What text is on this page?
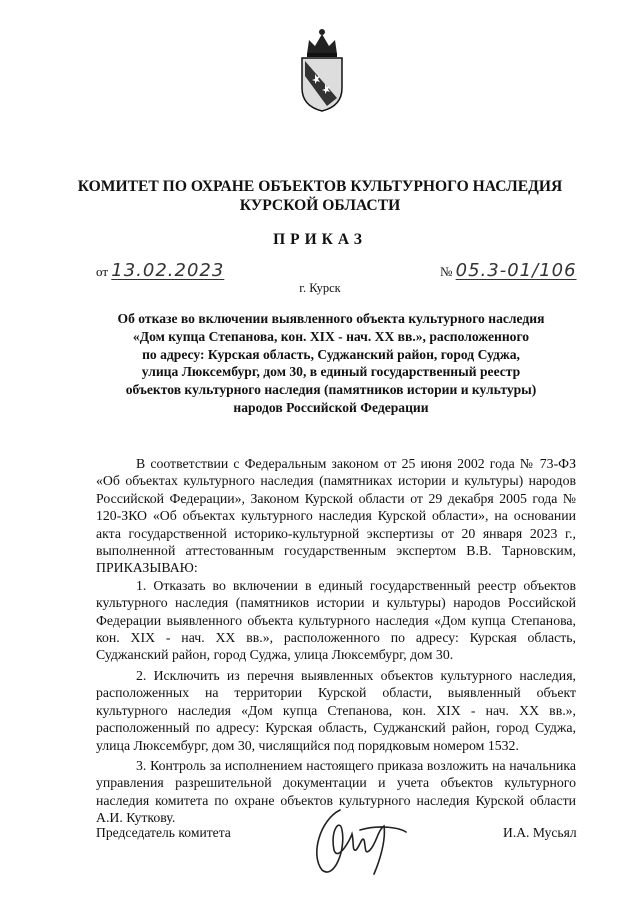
КОМИТЕТ ПО ОХРАНЕ ОБЪЕКТОВ КУЛЬТУРНОГО НАСЛЕДИЯ
КУРСКОЙ ОБЛАСТИ
ПРИКАЗ
от 13.02.2023	№ 05.3-01/106
г. Курск
Об отказе во включении выявленного объекта культурного наследия
«Дом купца Степанова, кон. XIX - нач. XX вв.», расположенного
по адресу: Курская область, Суджанский район, город Суджа,
улица Люксембург, дом 30, в единый государственный реестр
объектов культурного наследия (памятников истории и культуры)
народов Российской Федерации

В соответствии с Федеральным законом от 25 июня 2002 года № 73-ФЗ «Об объектах культурного наследия (памятниках истории и культуры) народов Российской Федерации», Законом Курской области от 29 декабря 2005 года № 120-ЗКО «Об объектах культурного наследия Курской области», на основании акта государственной историко-культурной экспертизы от 20 января 2023 г., выполненной аттестованным государственным экспертом В.В. Тарновским, ПРИКАЗЫВАЮ:

1. Отказать во включении в единый государственный реестр объектов культурного наследия (памятников истории и культуры) народов Российской Федерации выявленного объекта культурного наследия «Дом купца Степанова, кон. XIX - нач. XX вв.», расположенного по адресу: Курская область, Суджанский район, город Суджа, улица Люксембург, дом 30.

2. Исключить из перечня выявленных объектов культурного наследия, расположенных на территории Курской области, выявленный объект культурного наследия «Дом купца Степанова, кон. XIX - нач. XX вв.», расположенный по адресу: Курская область, Суджанский район, город Суджа, улица Люксембург, дом 30, числящийся под порядковым номером 1532.

3. Контроль за исполнением настоящего приказа возложить на начальника управления разрешительной документации и учета объектов культурного наследия комитета по охране объектов культурного наследия Курской области А.И. Куткову.

Председатель комитета	И.А. Мусьял
